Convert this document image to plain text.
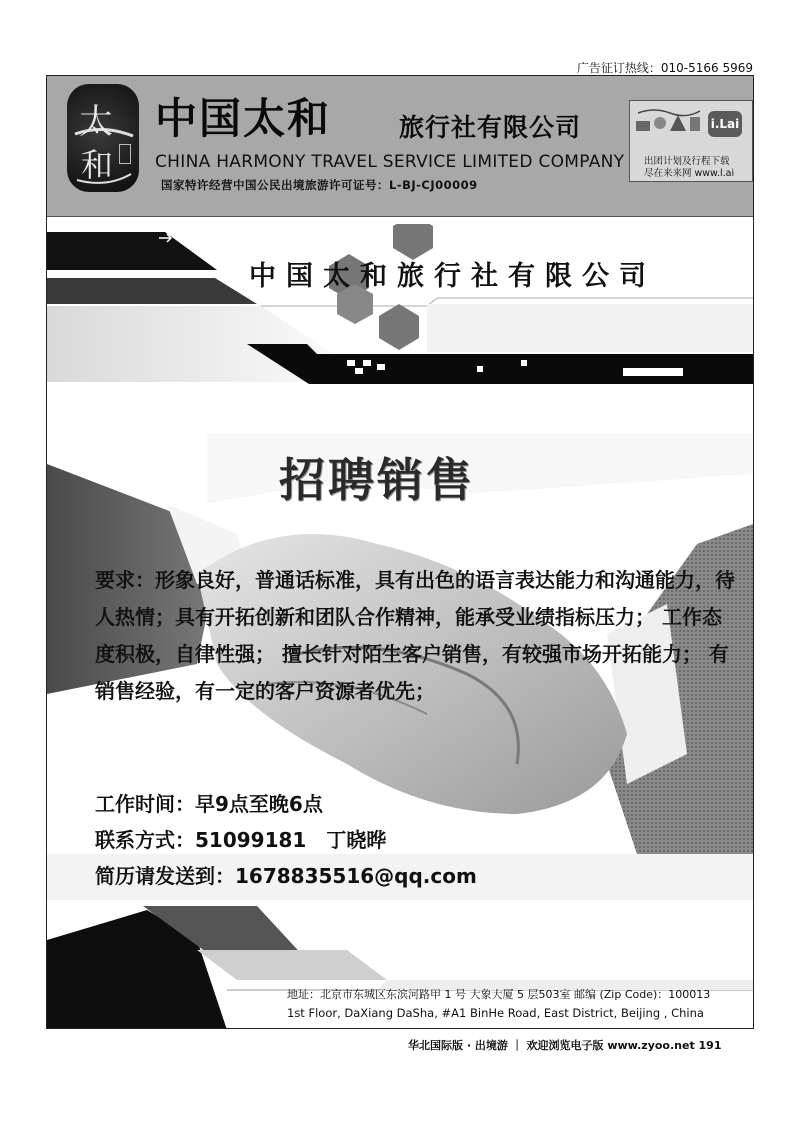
广告征订热线：010-5166 5969
太
和
中国太和	旅行社有限公司
CHINA HARMONY TRAVEL SERVICE LIMITED COMPANY
国家特许经营中国公民出境旅游许可证号：L-BJ-CJ00009
i.Lai
出团计划及行程下载
尽在来来网 www.l.ai
中国太和旅行社有限公司
招聘销售
要求：形象良好，普通话标准，具有出色的语言表达能力和沟通能力，待人热情；具有开拓创新和团队合作精神，能承受业绩指标压力； 工作态度积极，自律性强； 擅长针对陌生客户销售，有较强市场开拓能力； 有销售经验，有一定的客户资源者优先；
工作时间：早9点至晚6点
联系方式：51099181　丁晓晔
简历请发送到：1678835516@qq.com
地址：北京市东城区东滨河路甲 1 号 大象大厦 5 层503室 邮编 (Zip Code)：100013
1st Floor, DaXiang DaSha, #A1 BinHe Road, East District, Beijing , China
华北国际版 · 出境游 ｜ 欢迎浏览电子版 www.zyoo.net 191
